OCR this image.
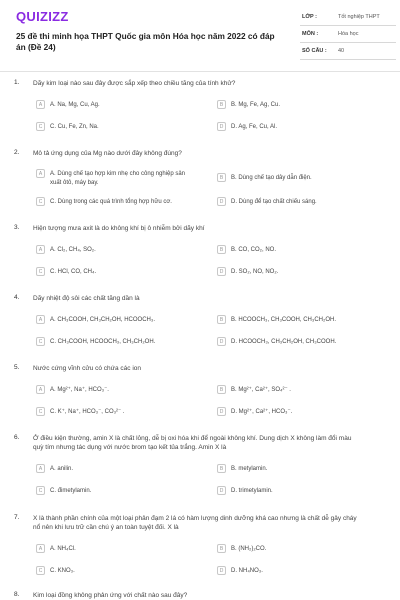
QUIZIZZ
25 đề thi minh họa THPT Quốc gia môn Hóa học năm 2022 có đáp án (Đề 24)
LỚP :	Tốt nghiệp THPT
MÔN :	Hóa học
SỐ CÂU : 40
1. Dãy kim loại nào sau đây được sắp xếp theo chiều tăng của tính khử?
A	A. Na, Mg, Cu, Ag.	B	B. Mg, Fe, Ag, Cu.
C	C. Cu, Fe, Zn, Na.	D	D. Ag, Fe, Cu, Al.
2. Mô tả ứng dụng của Mg nào dưới đây không đúng?
A	A. Dùng chế tạo hợp kim nhẹ cho công nghiệp sản xuất ôtô, máy bay.
B	B. Dùng chế tạo dây dẫn điện.
C	C. Dùng trong các quá trình tổng hợp hữu cơ.	D	D. Dùng để tạo chất chiếu sáng.
3. Hiện tượng mưa axit là do không khí bị ô nhiễm bởi dãy khí
A	A. Cl₂, CH₄, SO₂.	B	B. CO, CO₂, NO.
C	C. HCl, CO, CH₄.	D	D. SO₂, NO, NO₂.
4. Dãy nhiệt độ sôi các chất tăng dần là
A	A. CH₃COOH, CH₃CH₂OH, HCOOCH₃.	B	B. HCOOCH₃, CH₃COOH, CH₃CH₂OH.
C	C. CH₃COOH, HCOOCH₃, CH₃CH₂OH.	D	D. HCOOCH₃, CH₃CH₂OH, CH₃COOH.
5. Nước cứng vĩnh cửu có chứa các ion
A	A. Mg²⁺, Na⁺, HCO₃⁻.	B	B. Mg²⁺, Ca²⁺, SO₄²⁻ .
C	C. K⁺, Na⁺, HCO₃⁻, CO₃²⁻ .	D	D. Mg²⁺, Ca²⁺, HCO₃⁻.
6. Ở điều kiện thường, amin X là chất lỏng, dễ bị oxi hóa khi để ngoài không khí. Dung dịch X không làm đổi màu quỳ tím nhưng tác dụng với nước brom tạo kết tủa trắng. Amin X là
A	A. anilin.	B	B. metylamin.
C	C. đimetylamin.	D	D. trimetylamin.
7. X là thành phần chính của một loại phân đạm 2 lá có hàm lượng dinh dưỡng khá cao nhưng là chất dễ gây cháy nổ nên khi lưu trữ cần chú ý an toàn tuyệt đối. X là
A	A. NH₄Cl.	B	B. (NH₂)₂CO.
C	C. KNO₃.	D	D. NH₄NO₃.
8. Kim loại đồng không phản ứng với chất nào sau đây?
